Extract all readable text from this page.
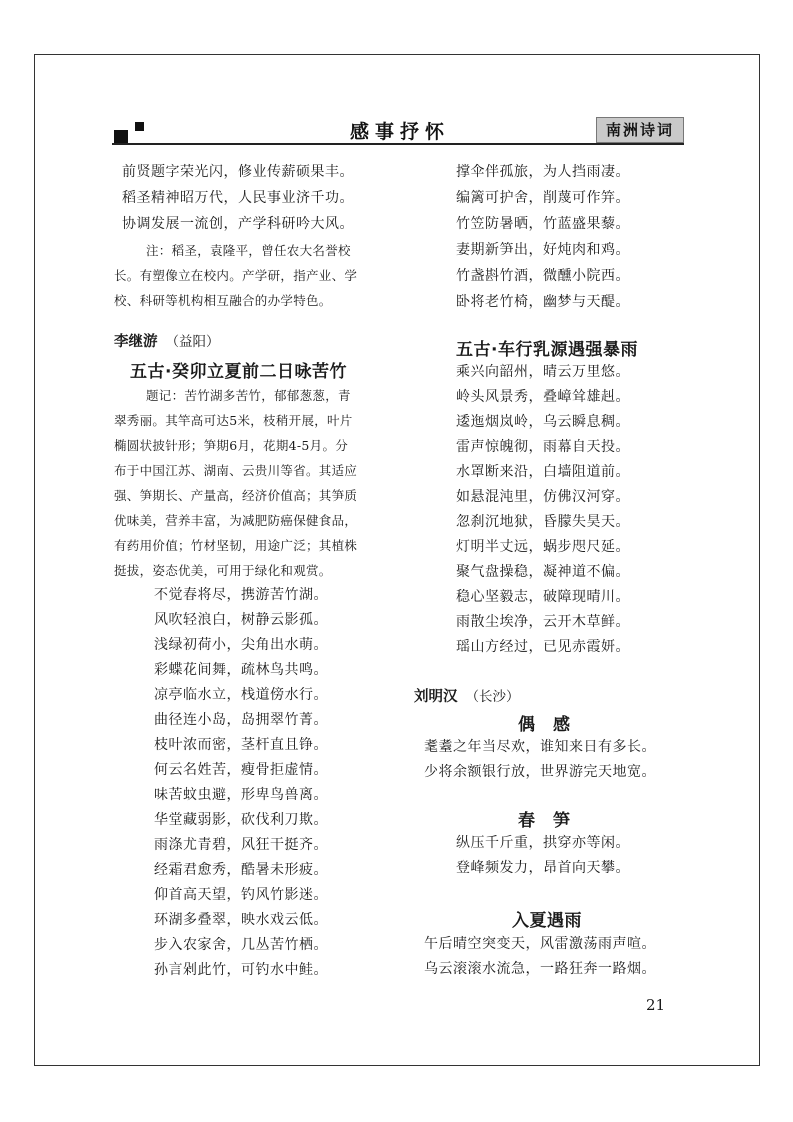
感事抒怀	南洲诗词
前贤题字荣光闪，修业传薪硕果丰。
稻圣精神昭万代，人民事业济千功。
协调发展一流创，产学科研吟大风。
注：稻圣，袁隆平，曾任农大名誉校
长。有塑像立在校内。产学研，指产业、学
校、科研等机构相互融合的办学特色。
李继游 （益阳）
五古·癸卯立夏前二日咏苦竹
题记：苦竹湖多苦竹，郁郁葱葱，青
翠秀丽。其竿高可达5米，枝稍开展，叶片
椭圆状披针形；笋期6月，花期4-5月。分
布于中国江苏、湖南、云贵川等省。其适应
强、笋期长、产量高，经济价值高；其笋质
优味美，营养丰富，为减肥防癌保健食品，
有药用价值；竹材坚韧，用途广泛；其植株
挺拔，姿态优美，可用于绿化和观赏。
不觉春将尽，携游苦竹湖。
风吹轻浪白，树静云影孤。
浅绿初荷小，尖角出水萌。
彩蝶花间舞，疏林鸟共鸣。
凉亭临水立，栈道傍水行。
曲径连小岛，岛拥翠竹菁。
枝叶浓而密，茎杆直且铮。
何云名姓苦，瘦骨拒虚情。
味苦蚊虫避，形卑鸟兽离。
华堂藏弱影，砍伐利刀欺。
雨涤尤青碧，风狂干挺齐。
经霜君愈秀，酷暑未形疲。
仰首高天望，钓风竹影迷。
环湖多叠翠，映水戏云低。
步入农家舍，几丛苦竹栖。
孙言剁此竹，可钓水中鲑。
撑伞伴孤旅，为人挡雨凄。
编篱可护舍，削蔑可作笄。
竹笠防暑晒，竹蓝盛果藜。
妻期新笋出，好炖肉和鸡。
竹盏斟竹酒，微醺小院西。
卧将老竹椅，幽梦与天醍。
五古·车行乳源遇强暴雨
乘兴向韶州，晴云万里悠。
岭头风景秀，叠嶂耸雄赳。
逶迤烟岚岭，乌云瞬息稠。
雷声惊魄彻，雨幕自天投。
水罩断来沿，白墙阻道前。
如悬混沌里，仿佛汉河穿。
忽刹沉地狱，昏朦失昊天。
灯明半丈远，蜗步咫尺延。
聚气盘操稳，凝神道不偏。
稳心坚毅志，破障现晴川。
雨散尘埃净，云开木草鲜。
瑶山方经过，已见赤霞妍。
刘明汉 （长沙）
偶　感
耄耋之年当尽欢，谁知来日有多长。
少将余额银行放，世界游完天地宽。
春　笋
纵压千斤重，拱穿亦等闲。
登峰频发力，昂首向天攀。
入夏遇雨
午后晴空突变天，风雷激荡雨声喧。
乌云滚滚水流急，一路狂奔一路烟。
21
